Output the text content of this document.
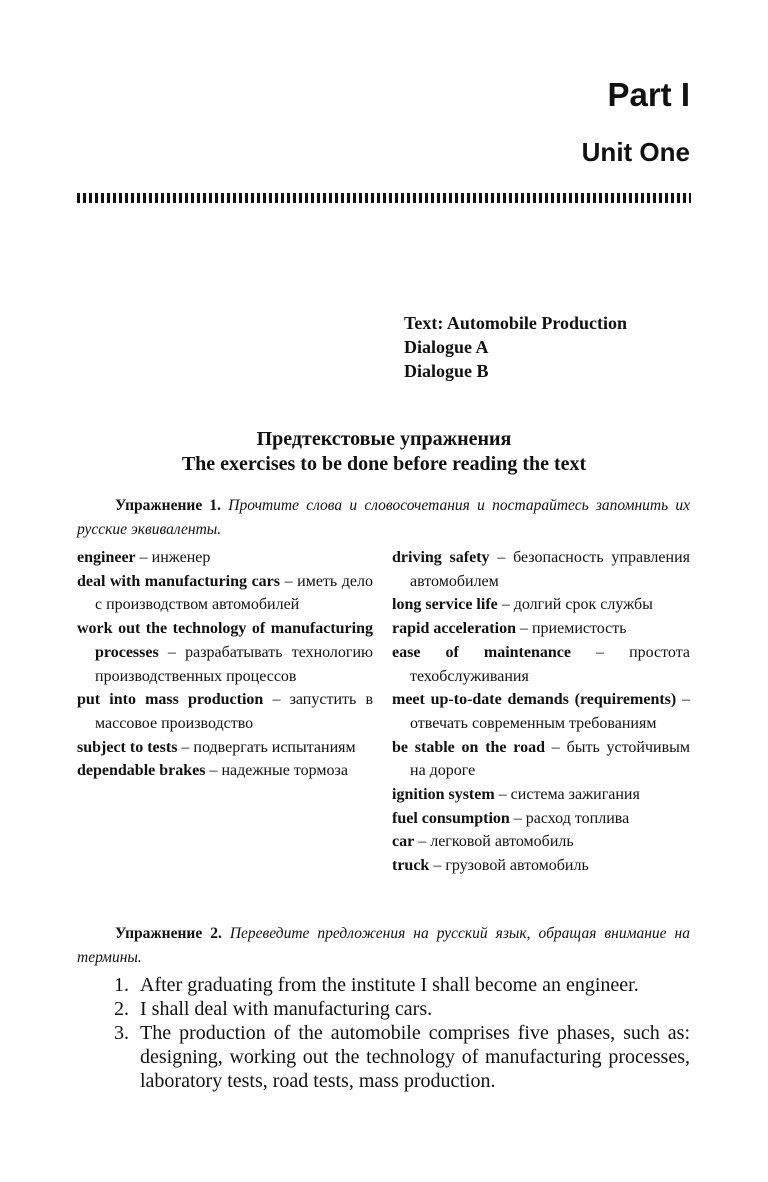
Part I
Unit One
Text: Automobile Production
Dialogue A
Dialogue B
Предтекстовые упражнения
The exercises to be done before reading the text

Упражнение 1. Прочтите слова и словосочетания и постарайтесь запомнить их русские эквиваленты.

engineer – инженер
deal with manufacturing cars – иметь дело с производством автомобилей
work out the technology of manufacturing processes – разрабатывать технологию производственных процессов
put into mass production – запустить в массовое производство
subject to tests – подвергать испытаниям
dependable brakes – надежные тормоза
driving safety – безопасность управления автомобилем
long service life – долгий срок службы
rapid acceleration – приемистость
ease of maintenance – простота техобслуживания
meet up-to-date demands (requirements) – отвечать современным требованиям
be stable on the road – быть устойчивым на дороге
ignition system – система зажигания
fuel consumption – расход топлива
car – легковой автомобиль
truck – грузовой автомобиль

Упражнение 2. Переведите предложения на русский язык, обращая внимание на термины.

1. After graduating from the institute I shall become an engineer.
2. I shall deal with manufacturing cars.
3. The production of the automobile comprises five phases, such as: designing, working out the technology of manufacturing processes, laboratory tests, road tests, mass production.
